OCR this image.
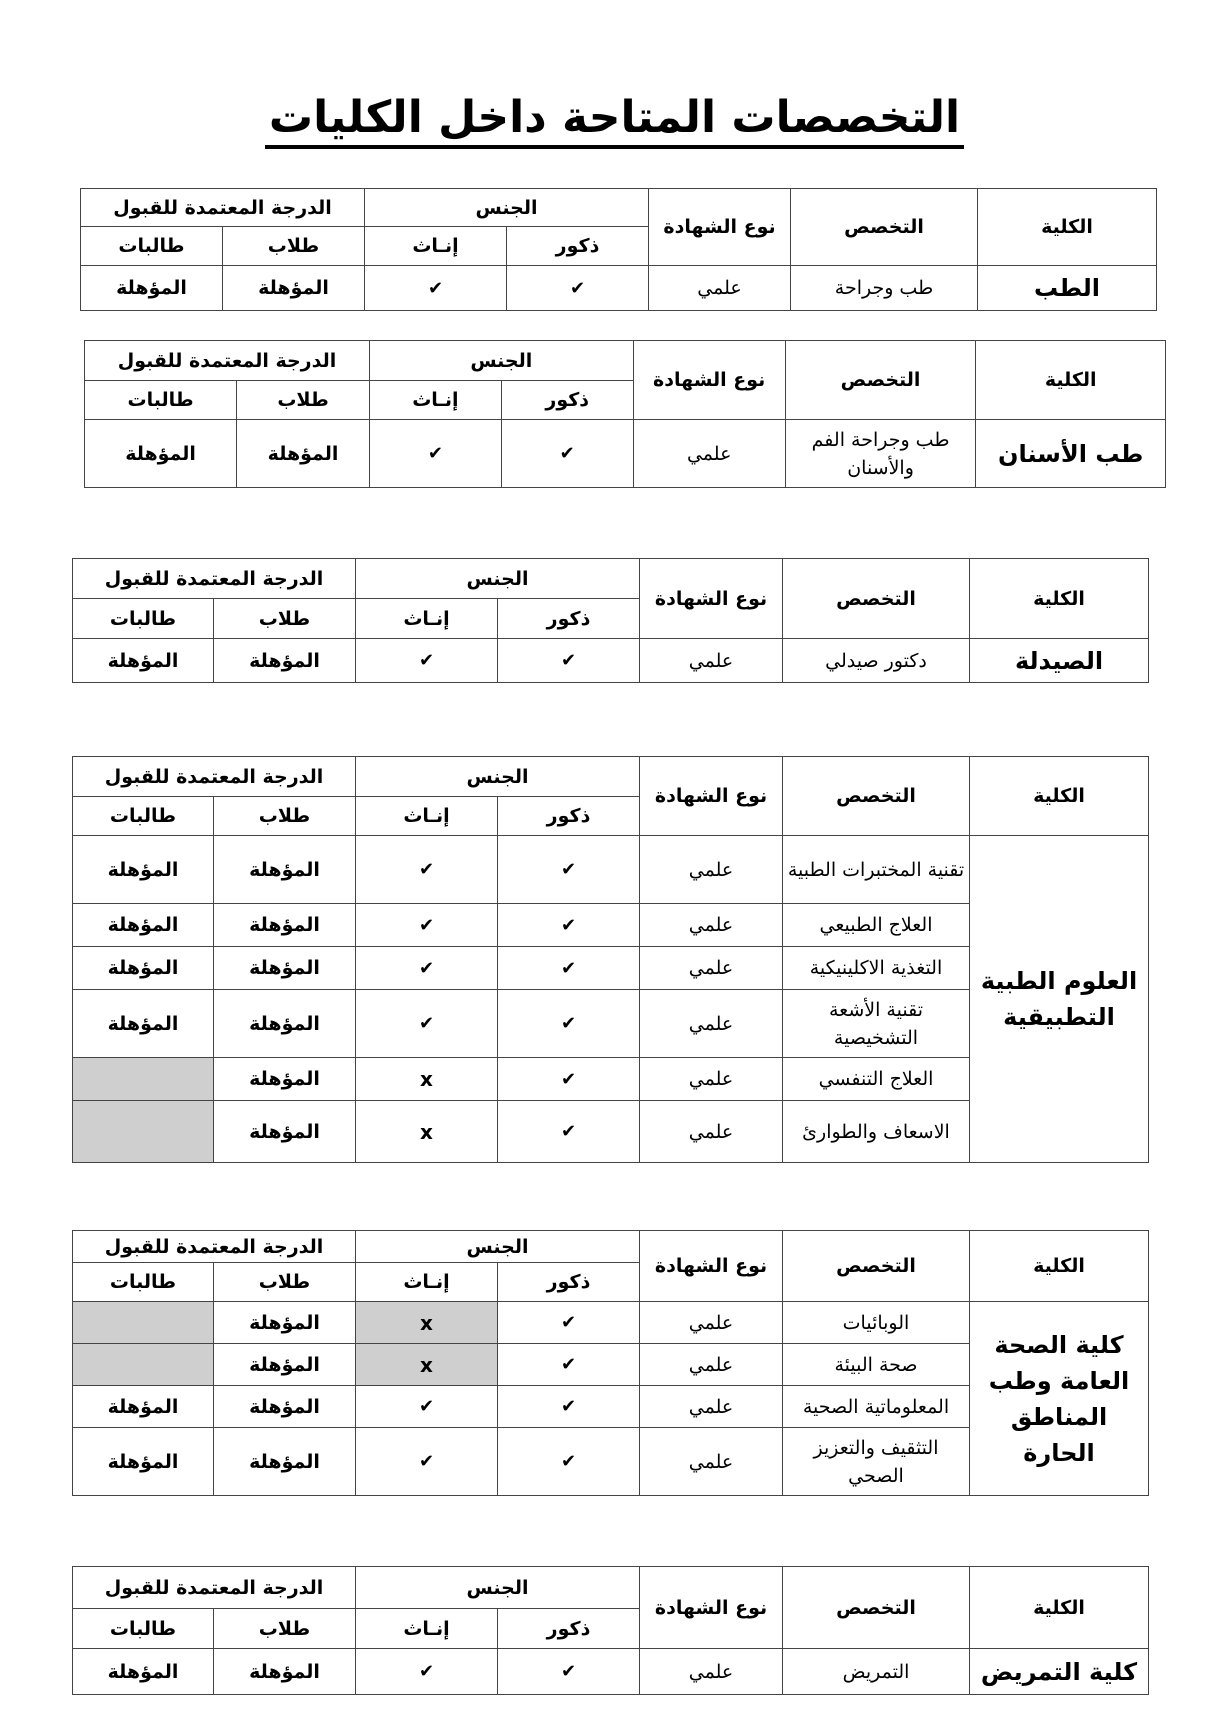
التخصصات المتاحة داخل الكليات
الكلية	التخصص	نوع الشهادة	الجنس		الدرجة المعتمدة للقبول	
			ذكور	إنـاث	طلاب	طالبات
الطب	طب وجراحة	علمي	✔	✔	المؤهلة	المؤهلة
الكلية	التخصص	نوع الشهادة	الجنس		الدرجة المعتمدة للقبول	
			ذكور	إنـاث	طلاب	طالبات
طب الأسنان	طب وجراحة الفم والأسنان	علمي	✔	✔	المؤهلة	المؤهلة
الكلية	التخصص	نوع الشهادة	الجنس		الدرجة المعتمدة للقبول	
			ذكور	إنـاث	طلاب	طالبات
الصيدلة	دكتور صيدلي	علمي	✔	✔	المؤهلة	المؤهلة
الكلية	التخصص	نوع الشهادة	الجنس		الدرجة المعتمدة للقبول	
			ذكور	إنـاث	طلاب	طالبات
العلوم الطبية التطبيقية	تقنية المختبرات الطبية	علمي	✔	✔	المؤهلة	المؤهلة
	العلاج الطبيعي	علمي	✔	✔	المؤهلة	المؤهلة
	التغذية الاكلينيكية	علمي	✔	✔	المؤهلة	المؤهلة
	تقنية الأشعة التشخيصية	علمي	✔	✔	المؤهلة	المؤهلة
	العلاج التنفسي	علمي	✔	x	المؤهلة	
	الاسعاف والطوارئ	علمي	✔	x	المؤهلة	
الكلية	التخصص	نوع الشهادة	الجنس		الدرجة المعتمدة للقبول	
			ذكور	إنـاث	طلاب	طالبات
كلية الصحة العامة وطب المناطق الحارة	الوبائيات	علمي	✔	x	المؤهلة	
	صحة البيئة	علمي	✔	x	المؤهلة	
	المعلوماتية الصحية	علمي	✔	✔	المؤهلة	المؤهلة
	التثقيف والتعزيز الصحي	علمي	✔	✔	المؤهلة	المؤهلة
الكلية	التخصص	نوع الشهادة	الجنس		الدرجة المعتمدة للقبول	
			ذكور	إنـاث	طلاب	طالبات
كلية التمريض	التمريض	علمي	✔	✔	المؤهلة	المؤهلة
